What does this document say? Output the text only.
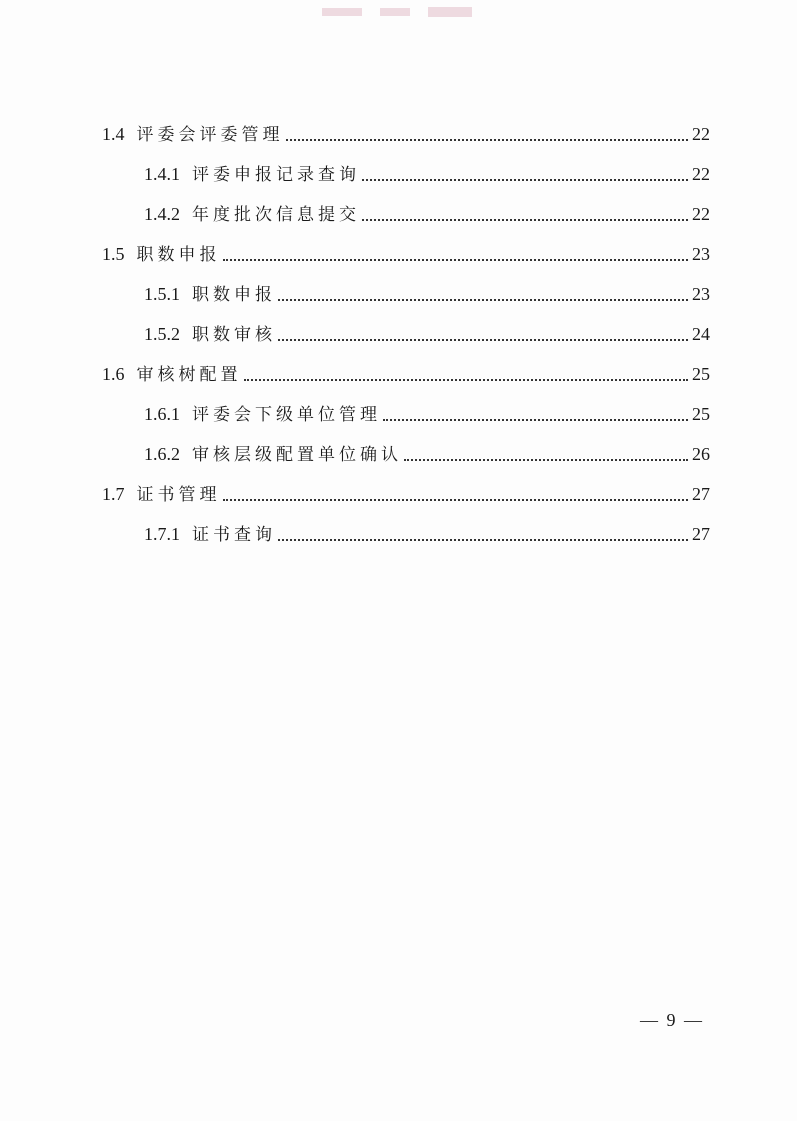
1.4 评委会评委管理	22
1.4.1 评委申报记录查询	22
1.4.2 年度批次信息提交	22
1.5 职数申报	23
1.5.1 职数申报	23
1.5.2 职数审核	24
1.6 审核树配置	25
1.6.1 评委会下级单位管理	25
1.6.2 审核层级配置单位确认	26
1.7 证书管理	27
1.7.1 证书查询	27
— 9 —
